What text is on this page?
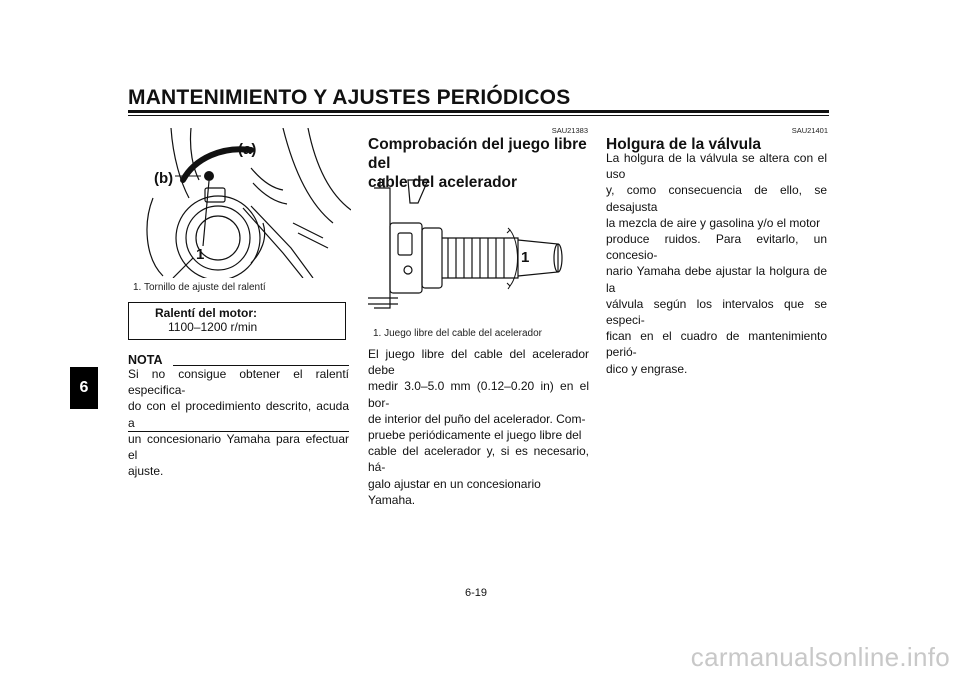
MANTENIMIENTO Y AJUSTES PERIÓDICOS
6
(a)
(b)
1
1. Tornillo de ajuste del ralentí
Ralentí del motor:
1100–1200 r/min
NOTA
Si no consigue obtener el ralentí especifica-
do con el procedimiento descrito, acuda a
un concesionario Yamaha para efectuar el
ajuste.
SAU21383
Comprobación del juego libre del
cable del acelerador
1
1. Juego libre del cable del acelerador
El juego libre del cable del acelerador debe
medir 3.0–5.0 mm (0.12–0.20 in) en el bor-
de interior del puño del acelerador. Com-
pruebe periódicamente el juego libre del
cable del acelerador y, si es necesario, há-
galo ajustar en un concesionario Yamaha.
SAU21401
Holgura de la válvula
La holgura de la válvula se altera con el uso
y, como consecuencia de ello, se desajusta
la mezcla de aire y gasolina y/o el motor
produce ruidos. Para evitarlo, un concesio-
nario Yamaha debe ajustar la holgura de la
válvula según los intervalos que se especi-
fican en el cuadro de mantenimiento perió-
dico y engrase.
6-19
carmanualsonline.info
